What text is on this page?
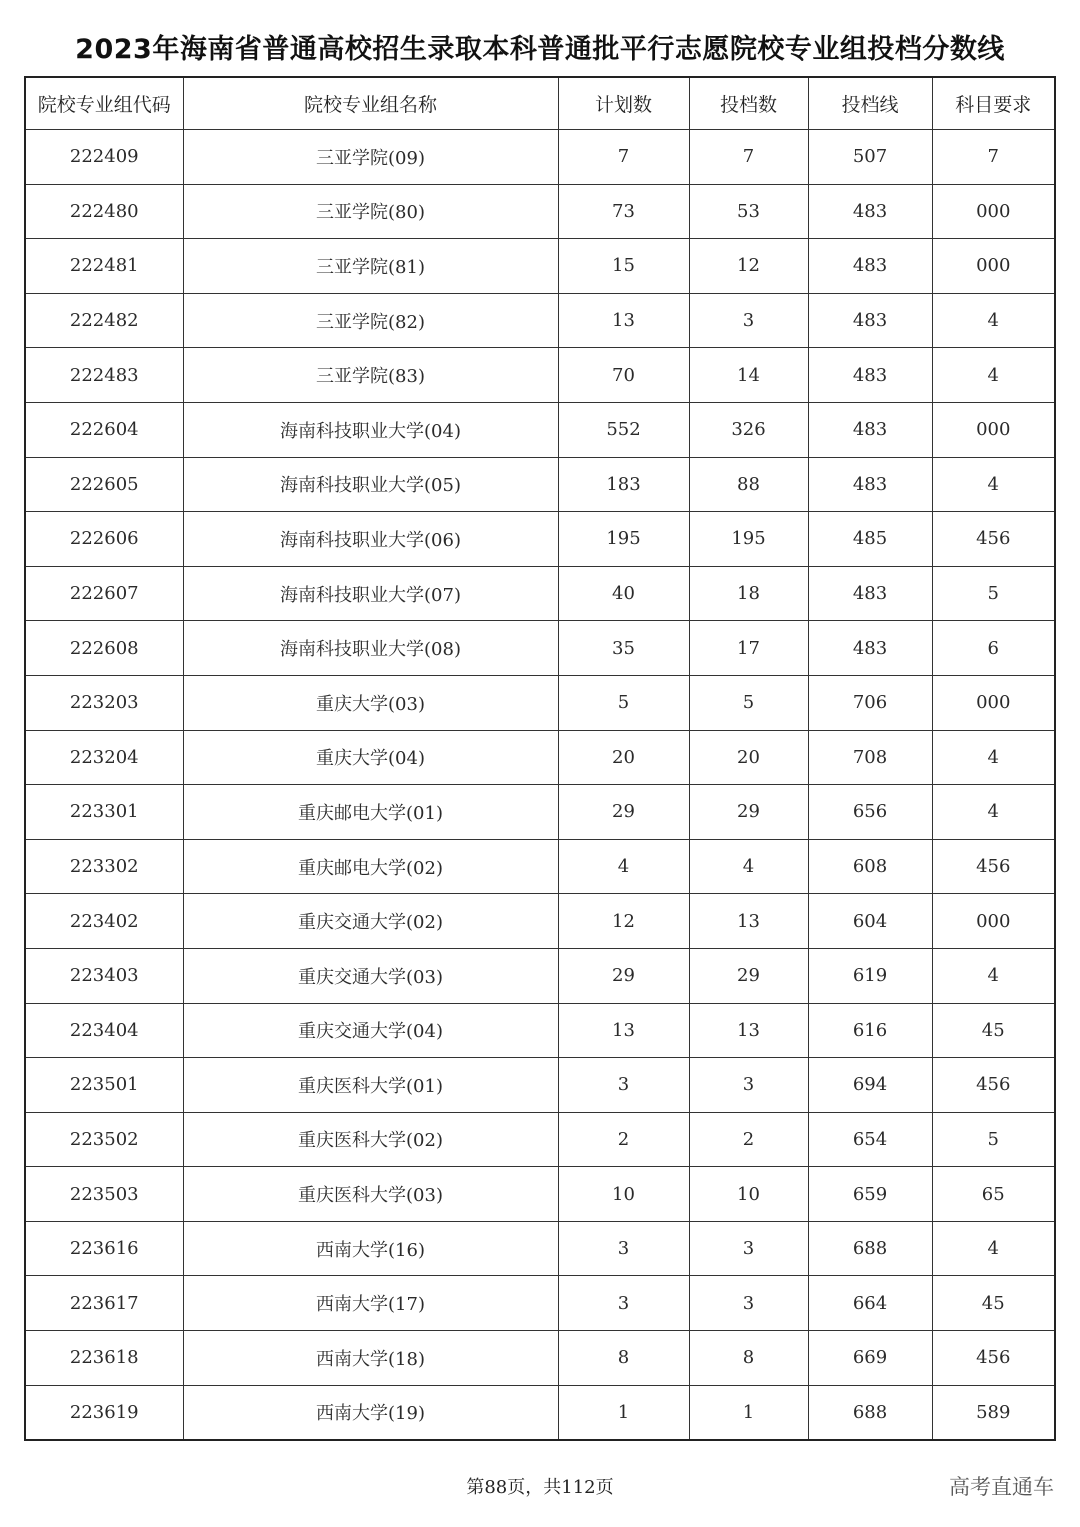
2023年海南省普通高校招生录取本科普通批平行志愿院校专业组投档分数线
院校专业组代码	院校专业组名称	计划数	投档数	投档线	科目要求
222409	三亚学院(09)	7	7	507	7
222480	三亚学院(80)	73	53	483	000
222481	三亚学院(81)	15	12	483	000
222482	三亚学院(82)	13	3	483	4
222483	三亚学院(83)	70	14	483	4
222604	海南科技职业大学(04)	552	326	483	000
222605	海南科技职业大学(05)	183	88	483	4
222606	海南科技职业大学(06)	195	195	485	456
222607	海南科技职业大学(07)	40	18	483	5
222608	海南科技职业大学(08)	35	17	483	6
223203	重庆大学(03)	5	5	706	000
223204	重庆大学(04)	20	20	708	4
223301	重庆邮电大学(01)	29	29	656	4
223302	重庆邮电大学(02)	4	4	608	456
223402	重庆交通大学(02)	12	13	604	000
223403	重庆交通大学(03)	29	29	619	4
223404	重庆交通大学(04)	13	13	616	45
223501	重庆医科大学(01)	3	3	694	456
223502	重庆医科大学(02)	2	2	654	5
223503	重庆医科大学(03)	10	10	659	65
223616	西南大学(16)	3	3	688	4
223617	西南大学(17)	3	3	664	45
223618	西南大学(18)	8	8	669	456
223619	西南大学(19)	1	1	688	589
第88页，共112页	高考直通车
